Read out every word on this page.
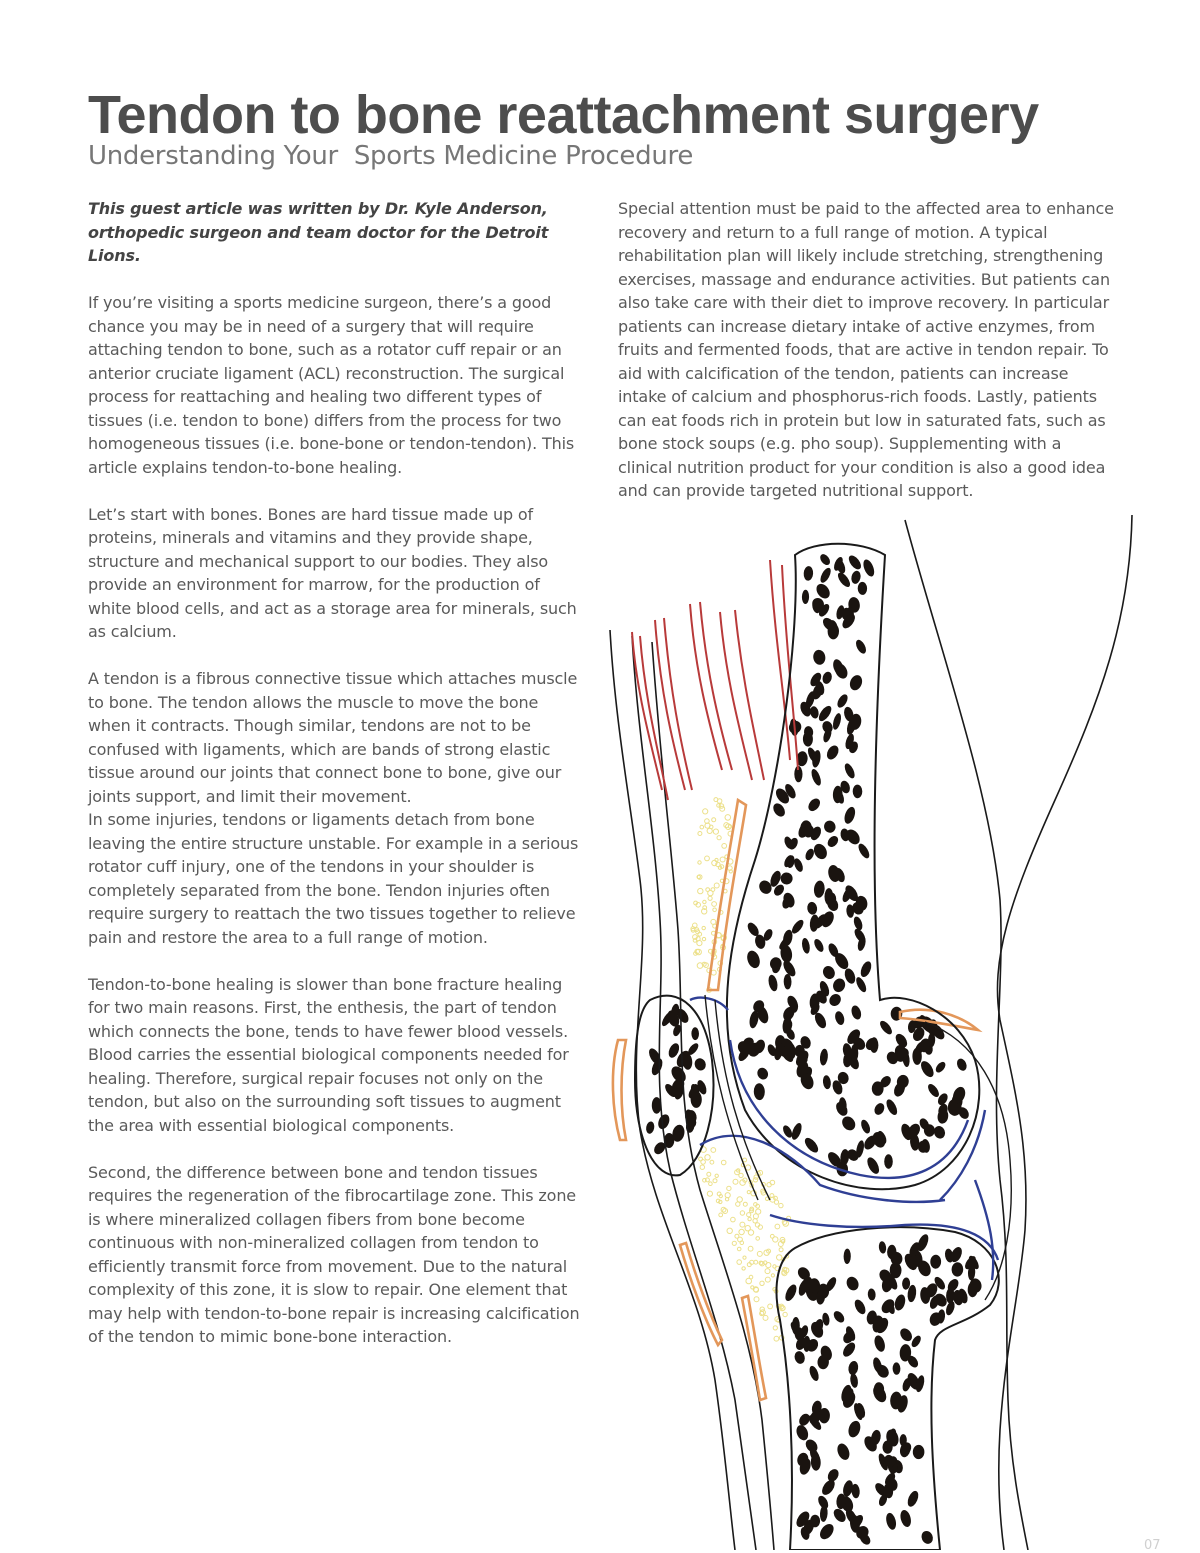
Tendon to bone reattachment surgery
Understanding Your  Sports Medicine Procedure

This guest article was written by Dr. Kyle Anderson, orthopedic surgeon and team doctor for the Detroit Lions.

If you’re visiting a sports medicine surgeon, there’s a good chance you may be in need of a surgery that will require attaching tendon to bone, such as a rotator cuff repair or an anterior cruciate ligament (ACL) reconstruction. The surgical process for reattaching and healing two different types of tissues (i.e. tendon to bone) differs from the process for two homogeneous tissues (i.e. bone-bone or tendon-tendon). This article explains tendon-to-bone healing.

Let’s start with bones. Bones are hard tissue made up of proteins, minerals and vitamins and they provide shape, structure and mechanical support to our bodies. They also provide an environment for marrow, for the production of white blood cells, and act as a storage area for minerals, such as calcium.

A tendon is a fibrous connective tissue which attaches muscle to bone. The tendon allows the muscle to move the bone when it contracts. Though similar, tendons are not to be confused with ligaments, which are bands of strong elastic tissue around our joints that connect bone to bone, give our joints support, and limit their movement.

In some injuries, tendons or ligaments detach from bone leaving the entire structure unstable. For example in a serious rotator cuff injury, one of the tendons in your shoulder is completely separated from the bone. Tendon injuries often require surgery to reattach the two tissues together to relieve pain and restore the area to a full range of motion.

Tendon-to-bone healing is slower than bone fracture healing for two main reasons. First, the enthesis, the part of tendon which connects the bone, tends to have fewer blood vessels. Blood carries the essential biological components needed for healing. Therefore, surgical repair focuses not only on the tendon, but also on the surrounding soft tissues to augment the area with essential biological components.

Second, the difference between bone and tendon tissues requires the regeneration of the fibrocartilage zone. This zone is where mineralized collagen fibers from bone become continuous with non-mineralized collagen from tendon to efficiently transmit force from movement. Due to the natural complexity of this zone, it is slow to repair. One element that may help with tendon-to-bone repair is increasing calcification of the tendon to mimic bone-bone interaction.

Special attention must be paid to the affected area to enhance recovery and return to a full range of motion. A typical rehabilitation plan will likely include stretching, strengthening exercises, massage and endurance activities. But patients can also take care with their diet to improve recovery. In particular patients can increase dietary intake of active enzymes, from fruits and fermented foods, that are active in tendon repair. To aid with calcification of the tendon, patients can increase intake of calcium and phosphorus-rich foods. Lastly, patients can eat foods rich in protein but low in saturated fats, such as bone stock soups (e.g. pho soup). Supplementing with a clinical nutrition product for your condition is also a good idea and can provide targeted nutritional support.

07
